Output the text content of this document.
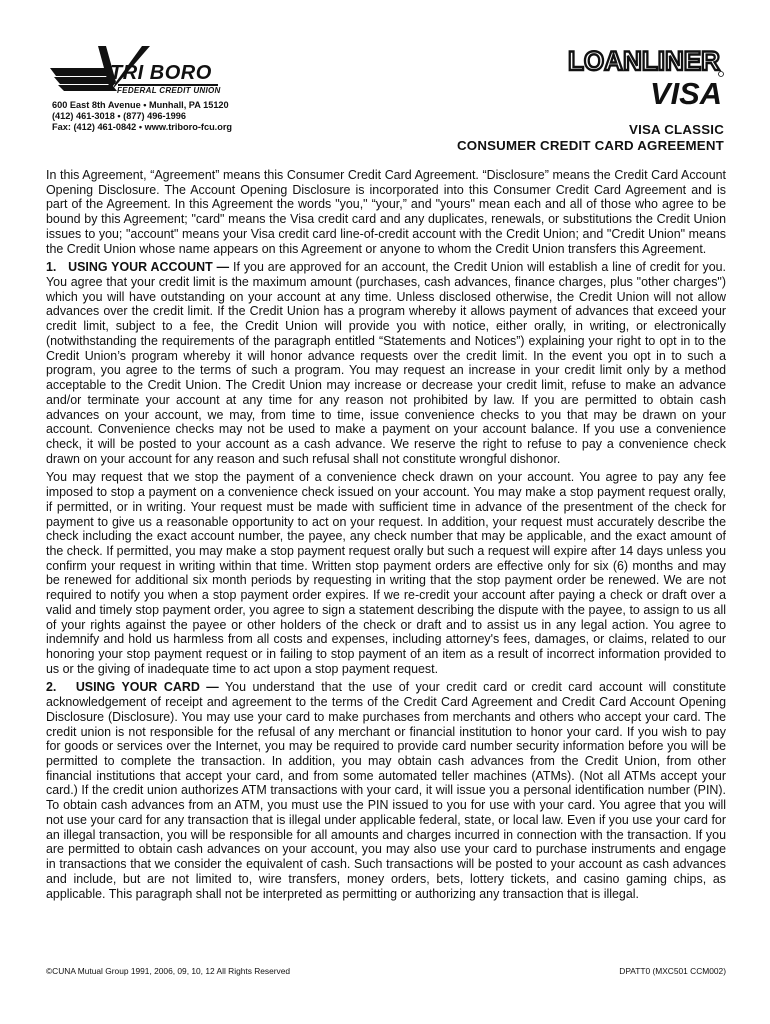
TRI BORO
FEDERAL CREDIT UNION
600 East 8th Avenue • Munhall, PA 15120
(412) 461-3018 • (877) 496-1996
Fax: (412) 461-0842 • www.triboro-fcu.org
LOANLINER
VISA
VISA CLASSIC
CONSUMER CREDIT CARD AGREEMENT

In this Agreement, “Agreement” means this Consumer Credit Card Agreement. “Disclosure” means the Credit Card Account Opening Disclosure. The Account Opening Disclosure is incorporated into this Consumer Credit Card Agreement and is part of the Agreement. In this Agreement the words "you," “your,” and "yours" mean each and all of those who agree to be bound by this Agreement; "card" means the Visa credit card and any duplicates, renewals, or substitutions the Credit Union issues to you; "account" means your Visa credit card line-of-credit account with the Credit Union; and "Credit Union" means the Credit Union whose name appears on this Agreement or anyone to whom the Credit Union transfers this Agreement.

1. USING YOUR ACCOUNT — If you are approved for an account, the Credit Union will establish a line of credit for you. You agree that your credit limit is the maximum amount (purchases, cash advances, finance charges, plus "other charges") which you will have outstanding on your account at any time. Unless disclosed otherwise, the Credit Union will not allow advances over the credit limit. If the Credit Union has a program whereby it allows payment of advances that exceed your credit limit, subject to a fee, the Credit Union will provide you with notice, either orally, in writing, or electronically (notwithstanding the requirements of the paragraph entitled “Statements and Notices”) explaining your right to opt in to the Credit Union’s program whereby it will honor advance requests over the credit limit. In the event you opt in to such a program, you agree to the terms of such a program. You may request an increase in your credit limit only by a method acceptable to the Credit Union. The Credit Union may increase or decrease your credit limit, refuse to make an advance and/or terminate your account at any time for any reason not prohibited by law. If you are permitted to obtain cash advances on your account, we may, from time to time, issue convenience checks to you that may be drawn on your account. Convenience checks may not be used to make a payment on your account balance. If you use a convenience check, it will be posted to your account as a cash advance. We reserve the right to refuse to pay a convenience check drawn on your account for any reason and such refusal shall not constitute wrongful dishonor.

You may request that we stop the payment of a convenience check drawn on your account. You agree to pay any fee imposed to stop a payment on a convenience check issued on your account. You may make a stop payment request orally, if permitted, or in writing. Your request must be made with sufficient time in advance of the presentment of the check for payment to give us a reasonable opportunity to act on your request. In addition, your request must accurately describe the check including the exact account number, the payee, any check number that may be applicable, and the exact amount of the check. If permitted, you may make a stop payment request orally but such a request will expire after 14 days unless you confirm your request in writing within that time. Written stop payment orders are effective only for six (6) months and may be renewed for additional six month periods by requesting in writing that the stop payment order be renewed. We are not required to notify you when a stop payment order expires. If we re-credit your account after paying a check or draft over a valid and timely stop payment order, you agree to sign a statement describing the dispute with the payee, to assign to us all of your rights against the payee or other holders of the check or draft and to assist us in any legal action. You agree to indemnify and hold us harmless from all costs and expenses, including attorney's fees, damages, or claims, related to our honoring your stop payment request or in failing to stop payment of an item as a result of incorrect information provided to us or the giving of inadequate time to act upon a stop payment request.

2. USING YOUR CARD — You understand that the use of your credit card or credit card account will constitute acknowledgement of receipt and agreement to the terms of the Credit Card Agreement and Credit Card Account Opening Disclosure (Disclosure). You may use your card to make purchases from merchants and others who accept your card. The credit union is not responsible for the refusal of any merchant or financial institution to honor your card. If you wish to pay for goods or services over the Internet, you may be required to provide card number security information before you will be permitted to complete the transaction. In addition, you may obtain cash advances from the Credit Union, from other financial institutions that accept your card, and from some automated teller machines (ATMs). (Not all ATMs accept your card.) If the credit union authorizes ATM transactions with your card, it will issue you a personal identification number (PIN). To obtain cash advances from an ATM, you must use the PIN issued to you for use with your card. You agree that you will not use your card for any transaction that is illegal under applicable federal, state, or local law. Even if you use your card for an illegal transaction, you will be responsible for all amounts and charges incurred in connection with the transaction. If you are permitted to obtain cash advances on your account, you may also use your card to purchase instruments and engage in transactions that we consider the equivalent of cash. Such transactions will be posted to your account as cash advances and include, but are not limited to, wire transfers, money orders, bets, lottery tickets, and casino gaming chips, as applicable. This paragraph shall not be interpreted as permitting or authorizing any transaction that is illegal.

©CUNA Mutual Group 1991, 2006, 09, 10, 12 All Rights Reserved	DPATT0 (MXC501 CCM002)
